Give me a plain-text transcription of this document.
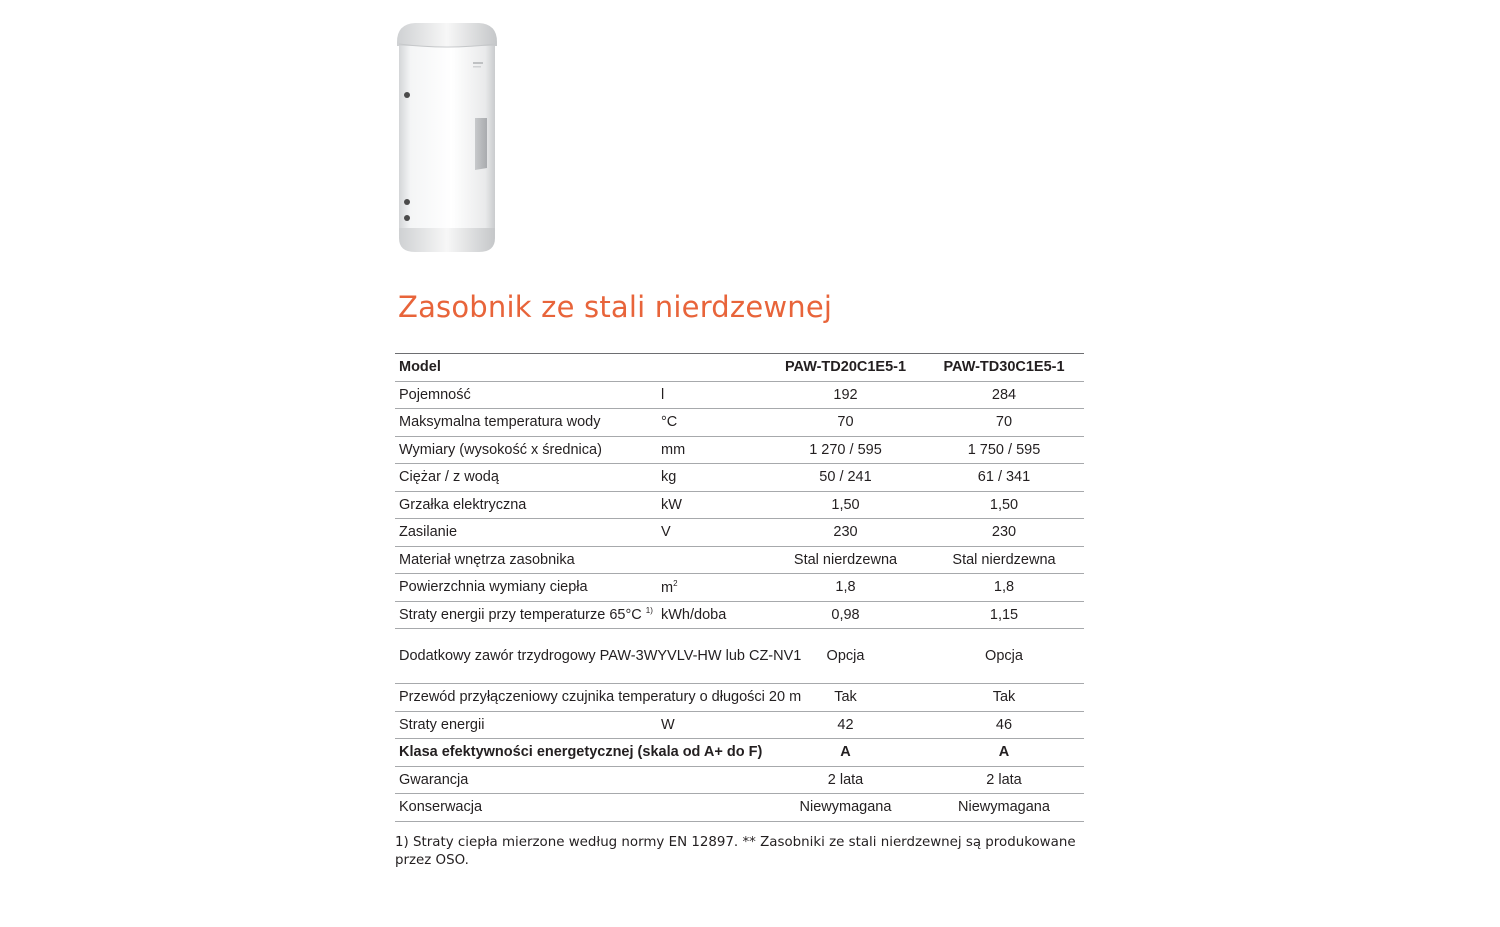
Zasobnik ze stali nierdzewnej
Model		PAW-TD20C1E5-1	PAW-TD30C1E5-1
Pojemność	l	192	284
Maksymalna temperatura wody	°C	70	70
Wymiary (wysokość x średnica)	mm	1 270 / 595	1 750 / 595
Ciężar / z wodą	kg	50 / 241	61 / 341
Grzałka elektryczna	kW	1,50	1,50
Zasilanie	V	230	230
Materiał wnętrza zasobnika		Stal nierdzewna	Stal nierdzewna
Powierzchnia wymiany ciepła	$m^2$	1,8	1,8
Straty energii przy temperaturze 65°C $^{1)}$	kWh/doba	0,98	1,15
Dodatkowy zawór trzydrogowy PAW-3WYVLV-HW lub CZ-NV1		Opcja	Opcja
Przewód przyłączeniowy czujnika temperatury o długości 20 m		Tak	Tak
Straty energii	W	42	46
Klasa efektywności energetycznej (skala od A+ do F)		A	A
Gwarancja		2 lata	2 lata
Konserwacja		Niewymagana	Niewymagana
1) Straty ciepła mierzone według normy EN 12897. ** Zasobniki ze stali nierdzewnej są produkowane przez OSO.
